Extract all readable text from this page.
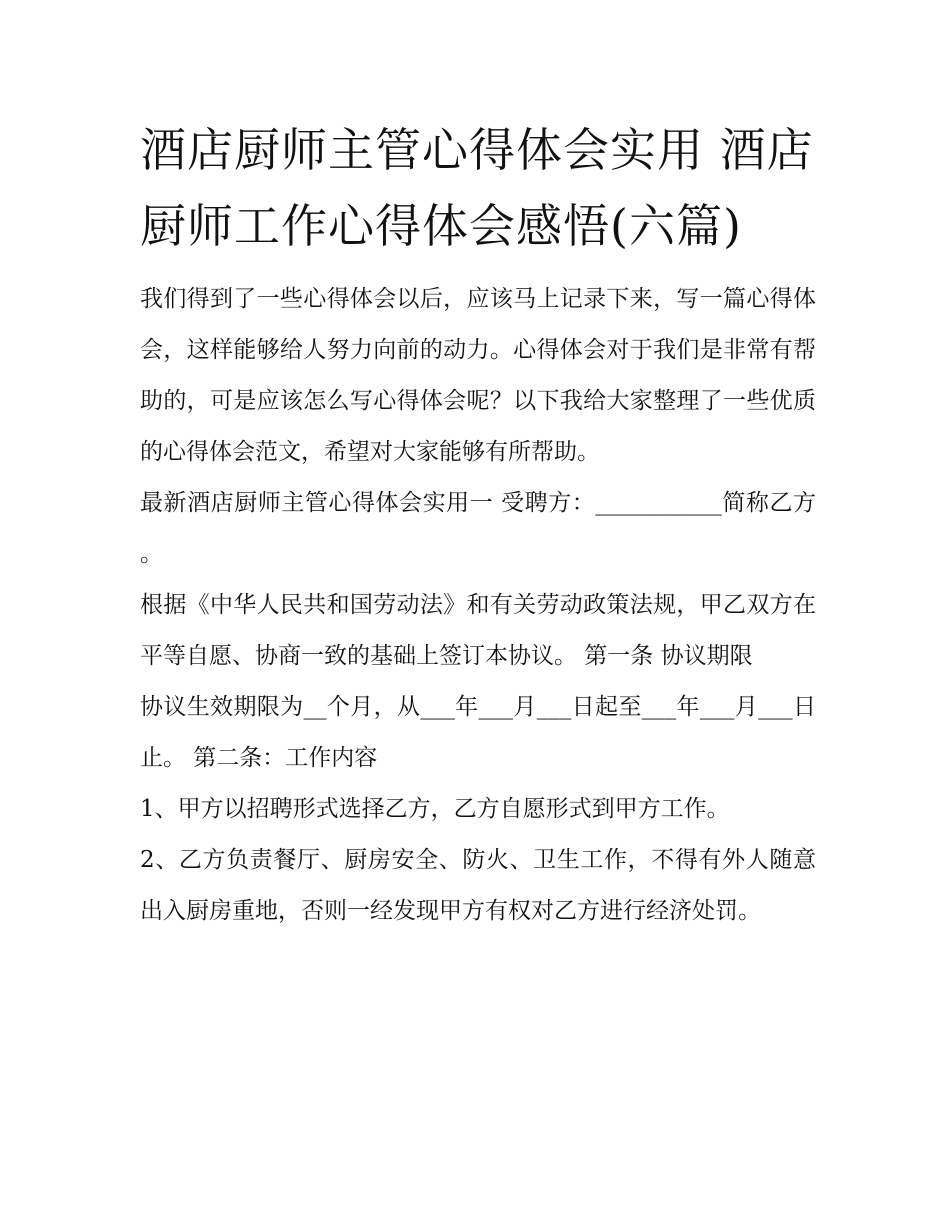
酒店厨师主管心得体会实用 酒店厨师工作心得体会感悟(六篇)

我们得到了一些心得体会以后，应该马上记录下来，写一篇心得体会，这样能够给人努力向前的动力。心得体会对于我们是非常有帮助的，可是应该怎么写心得体会呢？以下我给大家整理了一些优质的心得体会范文，希望对大家能够有所帮助。

最新酒店厨师主管心得体会实用一 受聘方：___________简称乙方 。

根据《中华人民共和国劳动法》和有关劳动政策法规，甲乙双方在平等自愿、协商一致的基础上签订本协议。 第一条 协议期限

协议生效期限为__个月，从___年___月___日起至___年___月___日止。 第二条：工作内容

1、甲方以招聘形式选择乙方，乙方自愿形式到甲方工作。

2、乙方负责餐厅、厨房安全、防火、卫生工作，不得有外人随意出入厨房重地，否则一经发现甲方有权对乙方进行经济处罚。
